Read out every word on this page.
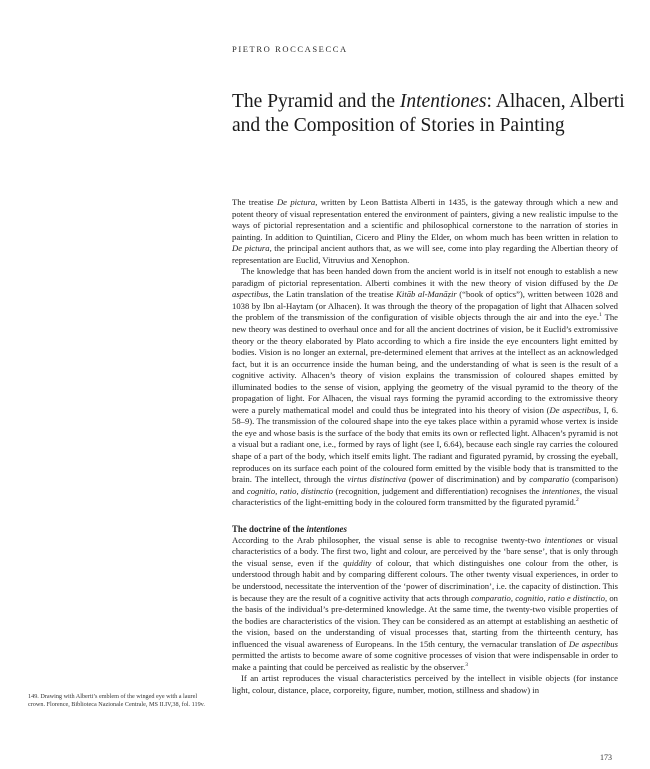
PIETRO ROCCASECCA
The Pyramid and the Intentiones: Alhacen, Alberti and the Composition of Stories in Painting

The treatise De pictura, written by Leon Battista Alberti in 1435, is the gateway through which a new and potent theory of visual representation entered the environment of painters, giving a new realistic impulse to the ways of pictorial representation and a scientific and philosophical cornerstone to the narration of stories in painting. In addition to Quintilian, Cicero and Pliny the Elder, on whom much has been written in relation to De pictura, the principal ancient authors that, as we will see, come into play regarding the Albertian theory of representation are Euclid, Vitruvius and Xenophon.

The knowledge that has been handed down from the ancient world is in itself not enough to establish a new paradigm of pictorial representation. Alberti combines it with the new theory of vision diffused by the De aspectibus, the Latin translation of the treatise Kitāb al-Manāẓir (“book of optics”), written between 1028 and 1038 by Ibn al-Haytam (or Alhacen). It was through the theory of the propagation of light that Alhacen solved the problem of the transmission of the configuration of visible objects through the air and into the eye.$^1$ The new theory was destined to overhaul once and for all the ancient doctrines of vision, be it Euclid’s extromissive theory or the theory elaborated by Plato according to which a fire inside the eye encounters light emitted by bodies. Vision is no longer an external, pre-determined element that arrives at the intellect as an acknowledged fact, but it is an occurrence inside the human being, and the understanding of what is seen is the result of a cognitive activity. Alhacen’s theory of vision explains the transmission of coloured shapes emitted by illuminated bodies to the sense of vision, applying the geometry of the visual pyramid to the theory of the propagation of light. For Alhacen, the visual rays forming the pyramid according to the extromissive theory were a purely mathematical model and could thus be integrated into his theory of vision (De aspectibus, I, 6. 58–9). The transmission of the coloured shape into the eye takes place within a pyramid whose vertex is inside the eye and whose basis is the surface of the body that emits its own or reflected light. Alhacen’s pyramid is not a visual but a radiant one, i.e., formed by rays of light (see I, 6.64), because each single ray carries the coloured shape of a part of the body, which itself emits light. The radiant and figurated pyramid, by crossing the eyeball, reproduces on its surface each point of the coloured form emitted by the visible body that is transmitted to the brain. The intellect, through the virtus distinctiva (power of discrimination) and by comparatio (comparison) and cognitio, ratio, distinctio (recognition, judgement and differentiation) recognises the intentiones, the visual characteristics of the light-emitting body in the coloured form transmitted by the figurated pyramid.$^2$

The doctrine of the intentiones

According to the Arab philosopher, the visual sense is able to recognise twenty-two intentiones or visual characteristics of a body. The first two, light and colour, are perceived by the ‘bare sense’, that is only through the visual sense, even if the quiddity of colour, that which distinguishes one colour from the other, is understood through habit and by comparing different colours. The other twenty visual experiences, in order to be understood, necessitate the intervention of the ‘power of discrimination’, i.e. the capacity of distinction. This is because they are the result of a cognitive activity that acts through comparatio, cognitio, ratio e distinctio, on the basis of the individual’s pre-determined knowledge. At the same time, the twenty-two visible properties of the bodies are characteristics of the vision. They can be considered as an attempt at establishing an aesthetic of the vision, based on the understanding of visual processes that, starting from the thirteenth century, has influenced the visual awareness of Europeans. In the 15th century, the vernacular translation of De aspectibus permitted the artists to become aware of some cognitive processes of vision that were indispensable in order to make a painting that could be perceived as realistic by the observer.$^3$

If an artist reproduces the visual characteristics perceived by the intellect in visible objects (for instance light, colour, distance, place, corporeity, figure, number, motion, stillness and shadow) in

149. Drawing with Alberti’s emblem of the winged eye with a laurel crown. Florence, Biblioteca Nazionale Centrale, MS II.IV,38, fol. 119v.
173
